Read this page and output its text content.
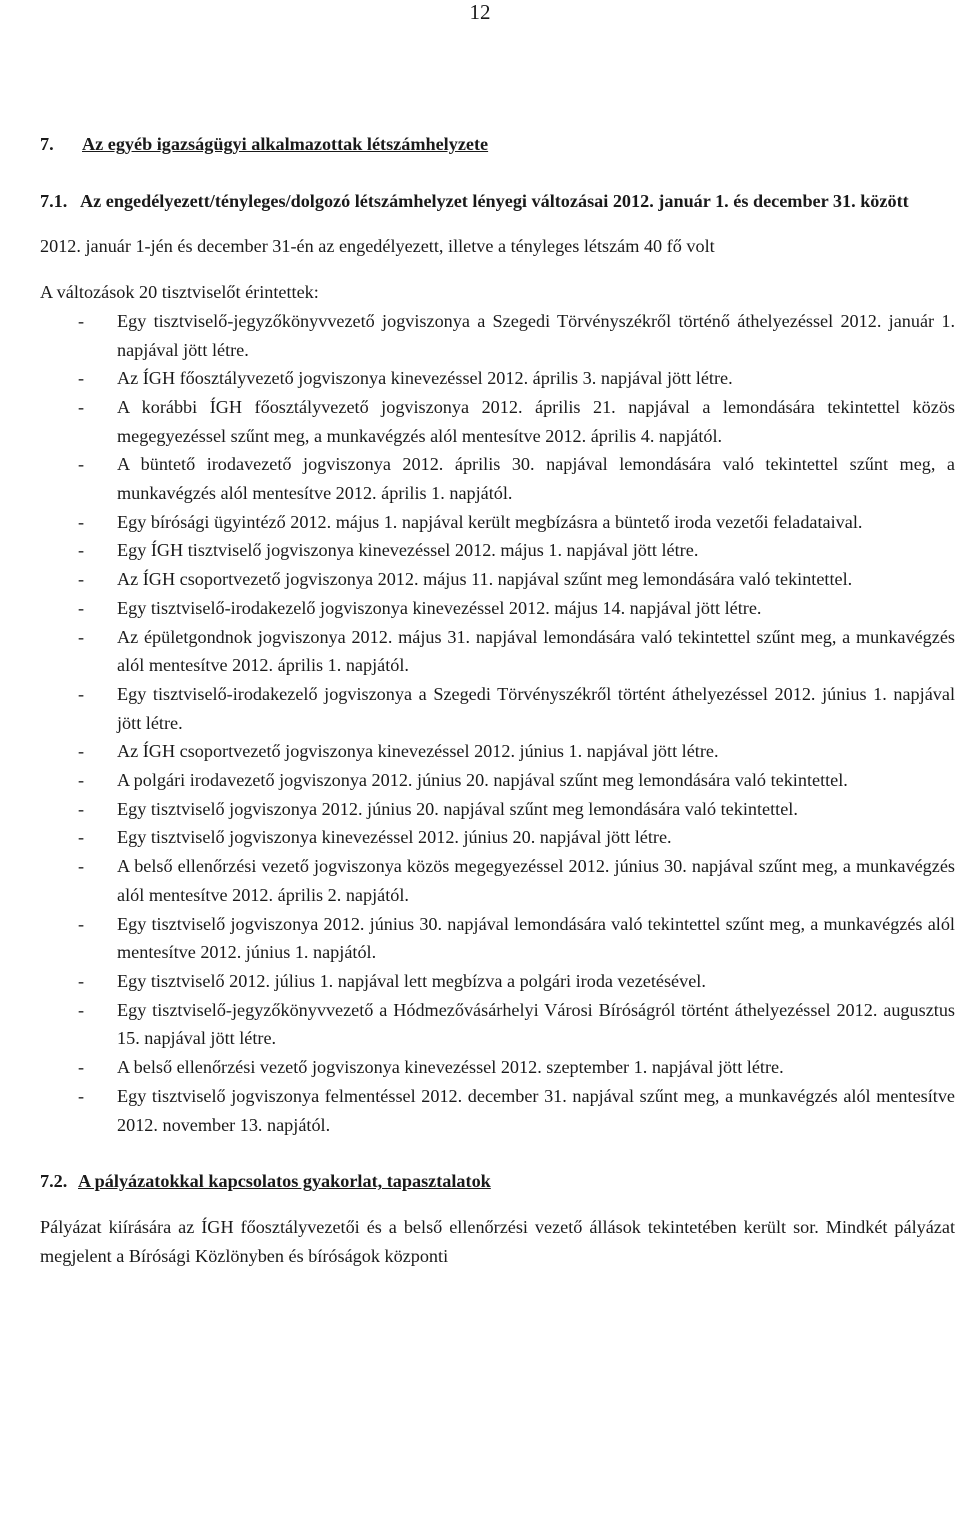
12
7.	Az egyéb igazságügyi alkalmazottak létszámhelyzete
7.1. Az engedélyezett/tényleges/dolgozó létszámhelyzet lényegi változásai 2012. január 1. és december 31. között

2012. január 1-jén és december 31-én az engedélyezett, illetve a tényleges létszám 40 fő volt

A változások 20 tisztviselőt érintettek:

-	Egy tisztviselő-jegyzőkönyvvezető jogviszonya a Szegedi Törvényszékről történő áthelyezéssel 2012. január 1. napjával jött létre.
-	Az ÍGH főosztályvezető jogviszonya kinevezéssel 2012. április 3. napjával jött létre.
-	A korábbi ÍGH főosztályvezető jogviszonya 2012. április 21. napjával a lemondására tekintettel közös megegyezéssel szűnt meg, a munkavégzés alól mentesítve 2012. április 4. napjától.
-	A büntető irodavezető jogviszonya 2012. április 30. napjával lemondására való tekintettel szűnt meg, a munkavégzés alól mentesítve 2012. április 1. napjától.
-	Egy bírósági ügyintéző 2012. május 1. napjával került megbízásra a büntető iroda vezetői feladataival.
-	Egy ÍGH tisztviselő jogviszonya kinevezéssel 2012. május 1. napjával jött létre.
-	Az ÍGH csoportvezető jogviszonya 2012. május 11. napjával szűnt meg lemondására való tekintettel.
-	Egy tisztviselő-irodakezelő jogviszonya kinevezéssel 2012. május 14. napjával jött létre.
-	Az épületgondnok jogviszonya 2012. május 31. napjával lemondására való tekintettel szűnt meg, a munkavégzés alól mentesítve 2012. április 1. napjától.
-	Egy tisztviselő-irodakezelő jogviszonya a Szegedi Törvényszékről történt áthelyezéssel 2012. június 1. napjával jött létre.
-	Az ÍGH csoportvezető jogviszonya kinevezéssel 2012. június 1. napjával jött létre.
-	A polgári irodavezető jogviszonya 2012. június 20. napjával szűnt meg lemondására való tekintettel.
-	Egy tisztviselő jogviszonya 2012. június 20. napjával szűnt meg lemondására való tekintettel.
-	Egy tisztviselő jogviszonya kinevezéssel 2012. június 20. napjával jött létre.
-	A belső ellenőrzési vezető jogviszonya közös megegyezéssel 2012. június 30. napjával szűnt meg, a munkavégzés alól mentesítve 2012. április 2. napjától.
-	Egy tisztviselő jogviszonya 2012. június 30. napjával lemondására való tekintettel szűnt meg, a munkavégzés alól mentesítve 2012. június 1. napjától.
-	Egy tisztviselő 2012. július 1. napjával lett megbízva a polgári iroda vezetésével.
-	Egy tisztviselő-jegyzőkönyvvezető a Hódmezővásárhelyi Városi Bíróságról történt áthelyezéssel 2012. augusztus 15. napjával jött létre.
-	A belső ellenőrzési vezető jogviszonya kinevezéssel 2012. szeptember 1. napjával jött létre.
-	Egy tisztviselő jogviszonya felmentéssel 2012. december 31. napjával szűnt meg, a munkavégzés alól mentesítve 2012. november 13. napjától.
7.2. A pályázatokkal kapcsolatos gyakorlat, tapasztalatok

Pályázat kiírására az ÍGH főosztályvezetői és a belső ellenőrzési vezető állások tekintetében került sor. Mindkét pályázat megjelent a Bírósági Közlönyben és bíróságok központi
